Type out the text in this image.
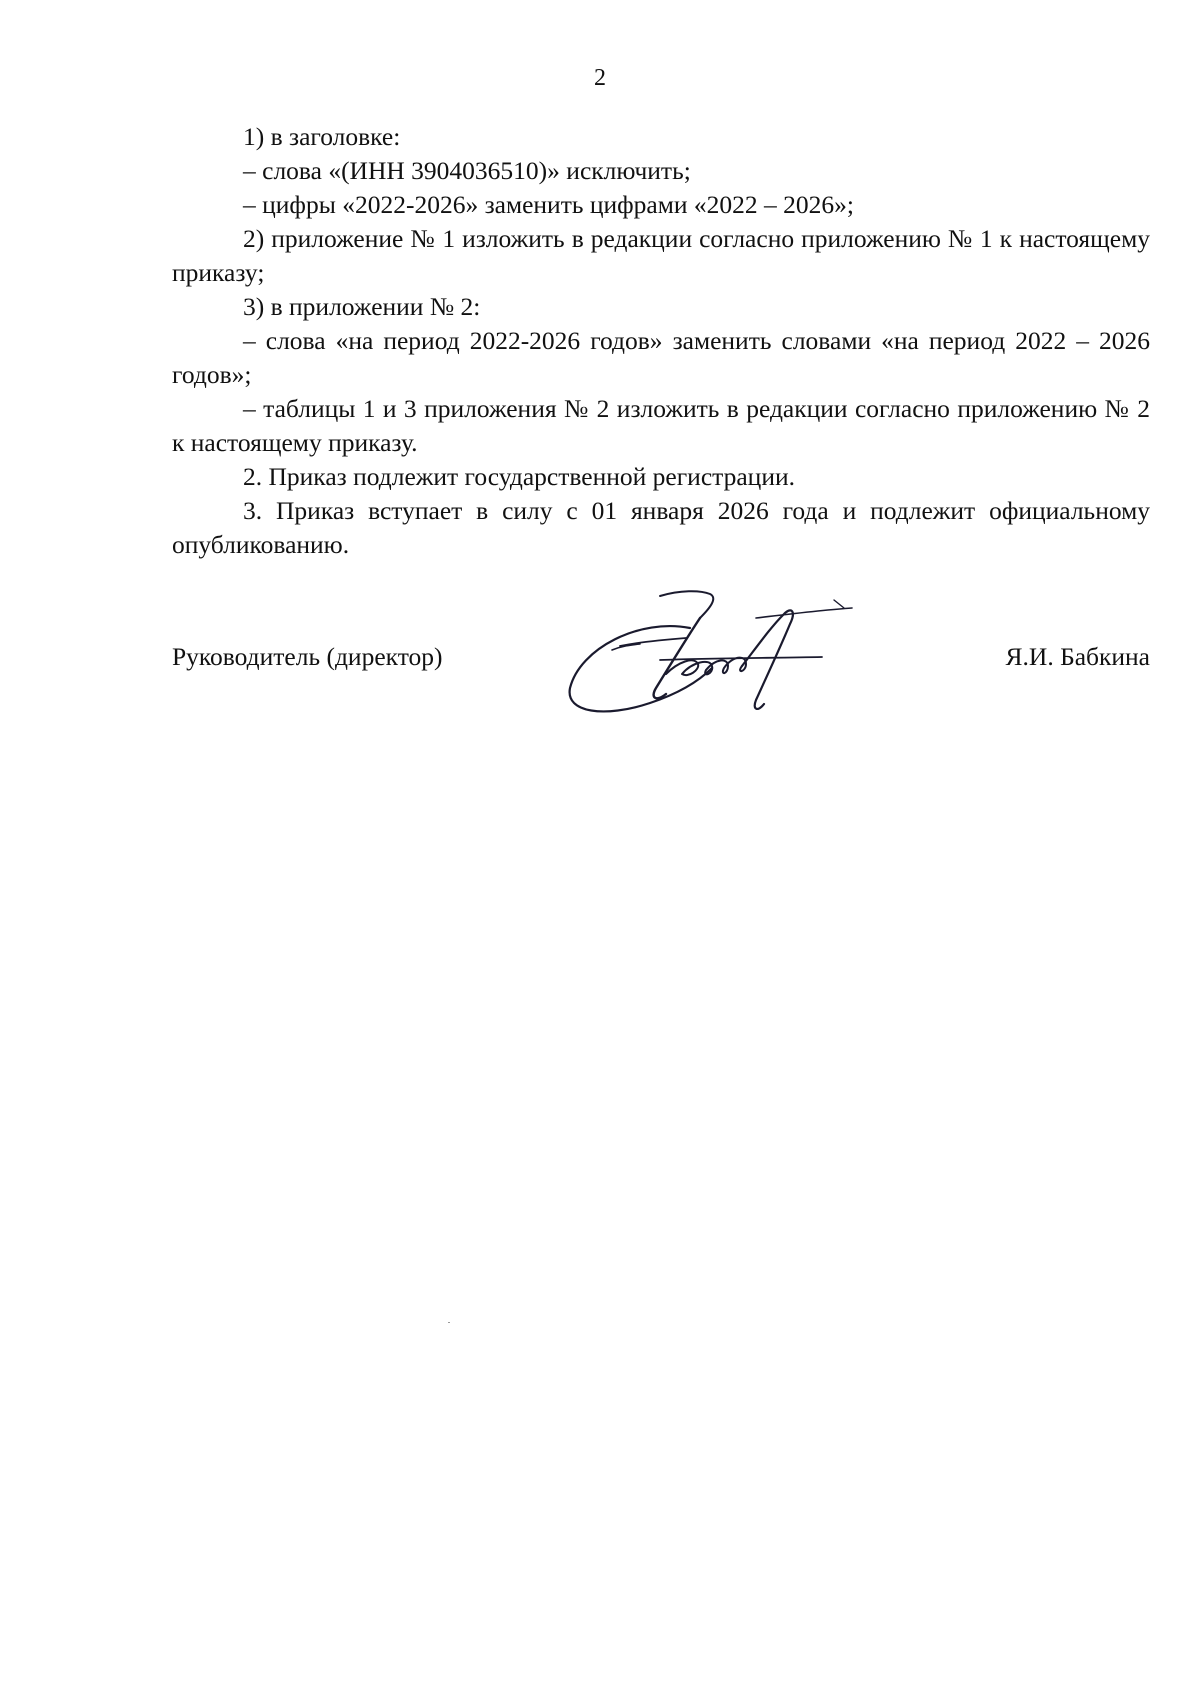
2

1) в заголовке:

– слова «(ИНН 3904036510)» исключить;

– цифры «2022-2026» заменить цифрами «2022 – 2026»;

2) приложение № 1 изложить в редакции согласно приложению № 1 к настоящему приказу;

3) в приложении № 2:

– слова «на период 2022-2026 годов» заменить словами «на период 2022 – 2026 годов»;

– таблицы 1 и 3 приложения № 2 изложить в редакции согласно приложению № 2 к настоящему приказу.

2. Приказ подлежит государственной регистрации.

3. Приказ вступает в силу с 01 января 2026 года и подлежит официальному опубликованию.

Руководитель (директор)	Я.И. Бабкина
